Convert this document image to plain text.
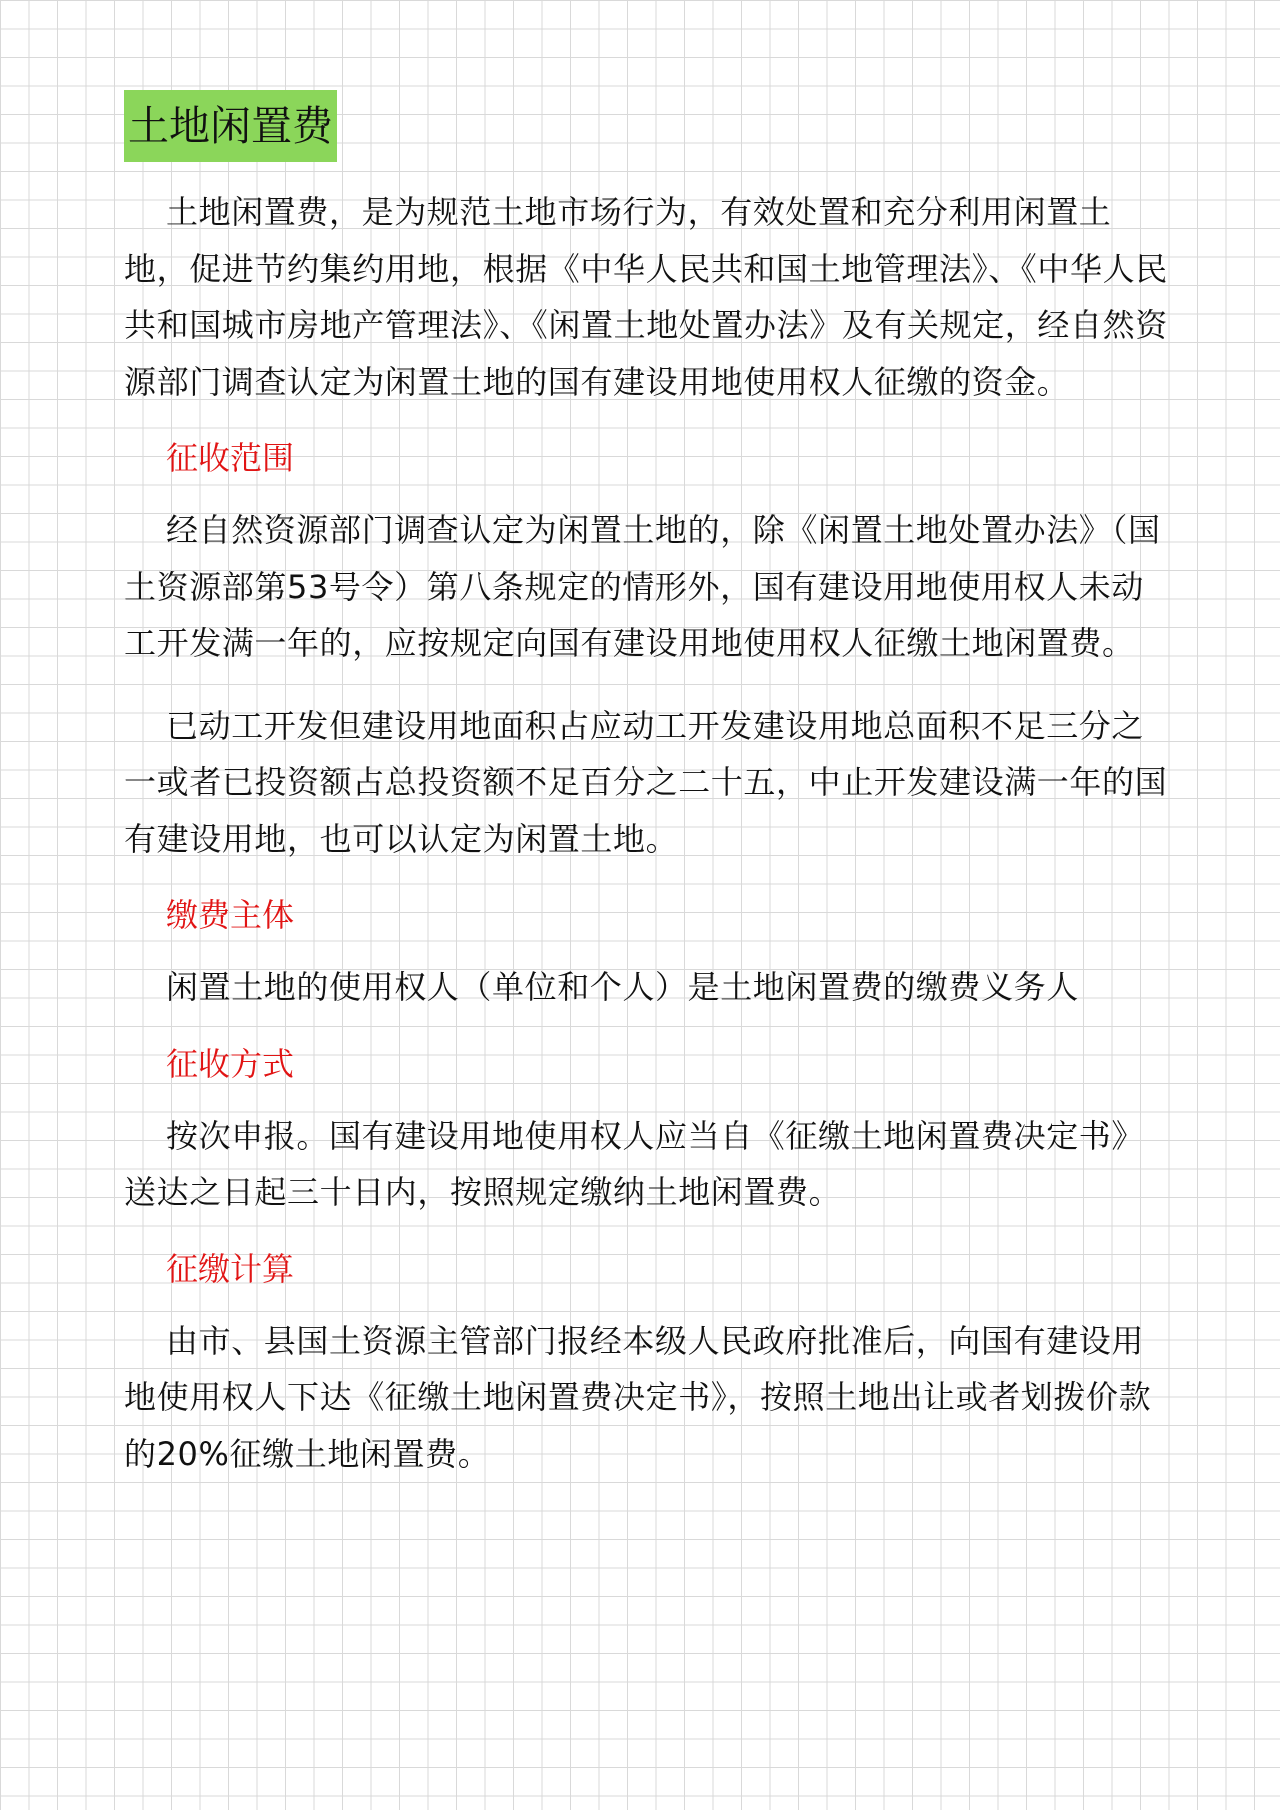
土地闲置费

土地闲置费，是为规范土地市场行为，有效处置和充分利用闲置土地，促进节约集约用地，根据《中华人民共和国土地管理法》、《中华人民共和国城市房地产管理法》、《闲置土地处置办法》及有关规定，经自然资源部门调查认定为闲置土地的国有建设用地使用权人征缴的资金。

征收范围

经自然资源部门调查认定为闲置土地的，除《闲置土地处置办法》（国土资源部第53号令）第八条规定的情形外，国有建设用地使用权人未动工开发满一年的，应按规定向国有建设用地使用权人征缴土地闲置费。

已动工开发但建设用地面积占应动工开发建设用地总面积不足三分之一或者已投资额占总投资额不足百分之二十五，中止开发建设满一年的国有建设用地，也可以认定为闲置土地。

缴费主体

闲置土地的使用权人（单位和个人）是土地闲置费的缴费义务人

征收方式

按次申报。国有建设用地使用权人应当自《征缴土地闲置费决定书》送达之日起三十日内，按照规定缴纳土地闲置费。

征缴计算

由市、县国土资源主管部门报经本级人民政府批准后，向国有建设用地使用权人下达《征缴土地闲置费决定书》，按照土地出让或者划拨价款的20%征缴土地闲置费。
